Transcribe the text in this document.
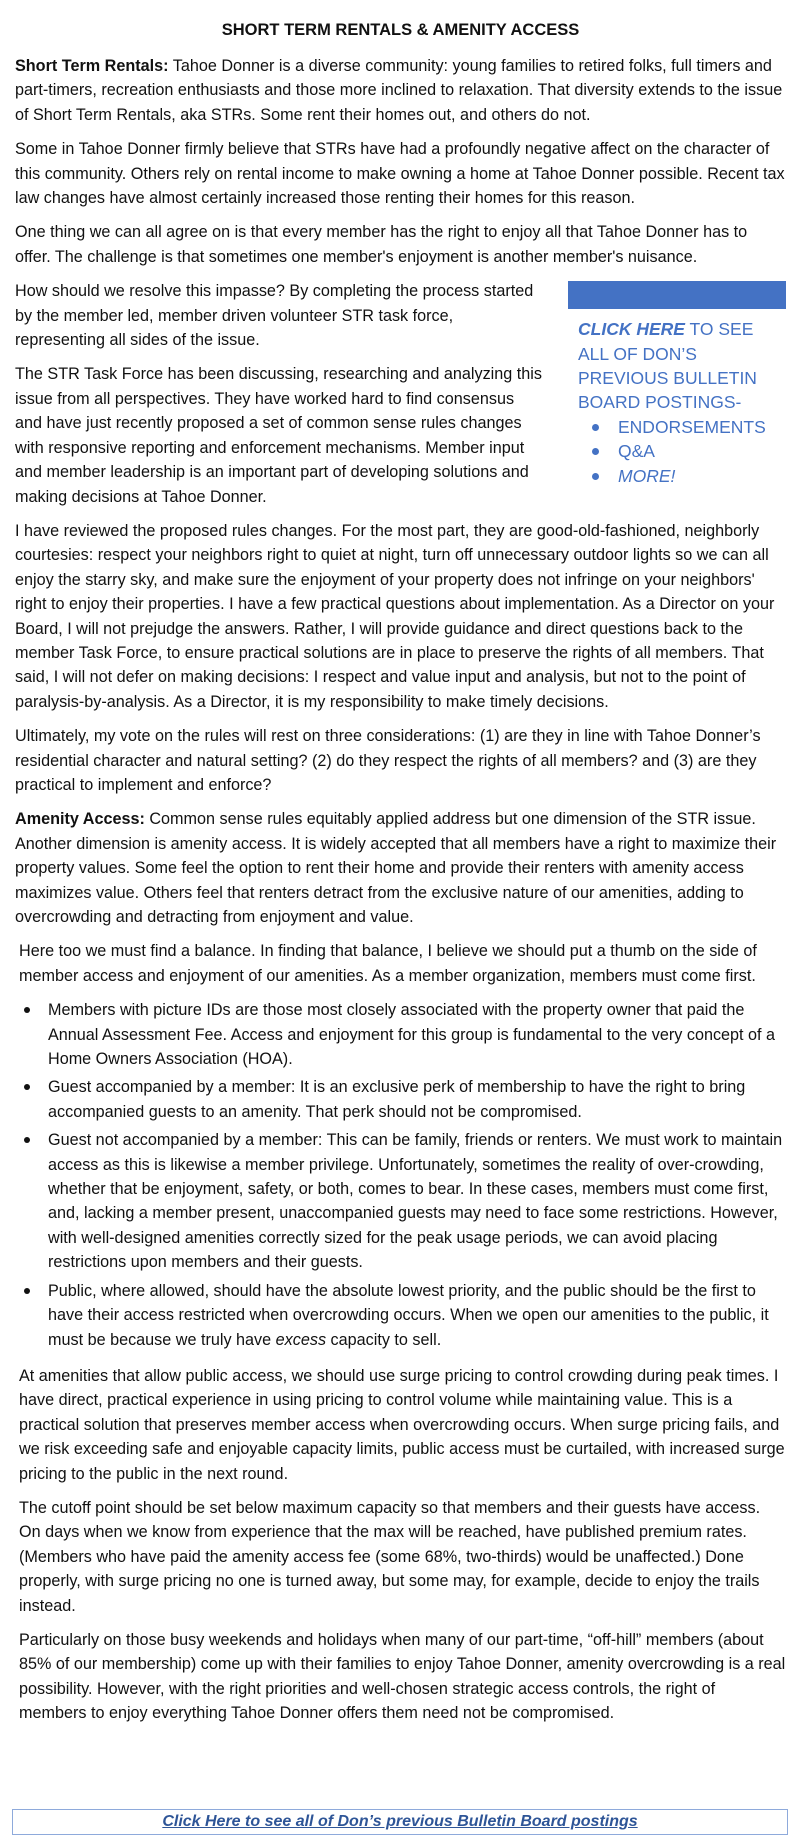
SHORT TERM RENTALS & AMENITY ACCESS

Short Term Rentals: Tahoe Donner is a diverse community: young families to retired folks, full timers and part-timers, recreation enthusiasts and those more inclined to relaxation. That diversity extends to the issue of Short Term Rentals, aka STRs. Some rent their homes out, and others do not.

Some in Tahoe Donner firmly believe that STRs have had a profoundly negative affect on the character of this community. Others rely on rental income to make owning a home at Tahoe Donner possible. Recent tax law changes have almost certainly increased those renting their homes for this reason.

One thing we can all agree on is that every member has the right to enjoy all that Tahoe Donner has to offer. The challenge is that sometimes one member's enjoyment is another member's nuisance.

CLICK HERE TO SEE ALL OF DON’S PREVIOUS BULLETIN BOARD POSTINGS-
ENDORSEMENTS
Q&A
MORE!

How should we resolve this impasse? By completing the process started by the member led, member driven volunteer STR task force, representing all sides of the issue.

The STR Task Force has been discussing, researching and analyzing this issue from all perspectives. They have worked hard to find consensus and have just recently proposed a set of common sense rules changes with responsive reporting and enforcement mechanisms. Member input and member leadership is an important part of developing solutions and making decisions at Tahoe Donner.

I have reviewed the proposed rules changes. For the most part, they are good-old-fashioned, neighborly courtesies: respect your neighbors right to quiet at night, turn off unnecessary outdoor lights so we can all enjoy the starry sky, and make sure the enjoyment of your property does not infringe on your neighbors' right to enjoy their properties. I have a few practical questions about implementation. As a Director on your Board, I will not prejudge the answers. Rather, I will provide guidance and direct questions back to the member Task Force, to ensure practical solutions are in place to preserve the rights of all members. That said, I will not defer on making decisions: I respect and value input and analysis, but not to the point of paralysis-by-analysis. As a Director, it is my responsibility to make timely decisions.

Ultimately, my vote on the rules will rest on three considerations: (1) are they in line with Tahoe Donner’s residential character and natural setting? (2) do they respect the rights of all members? and (3) are they practical to implement and enforce?

Amenity Access: Common sense rules equitably applied address but one dimension of the STR issue. Another dimension is amenity access. It is widely accepted that all members have a right to maximize their property values. Some feel the option to rent their home and provide their renters with amenity access maximizes value. Others feel that renters detract from the exclusive nature of our amenities, adding to overcrowding and detracting from enjoyment and value.

Here too we must find a balance. In finding that balance, I believe we should put a thumb on the side of member access and enjoyment of our amenities. As a member organization, members must come first.

Members with picture IDs are those most closely associated with the property owner that paid the Annual Assessment Fee. Access and enjoyment for this group is fundamental to the very concept of a Home Owners Association (HOA).
Guest accompanied by a member: It is an exclusive perk of membership to have the right to bring accompanied guests to an amenity. That perk should not be compromised.
Guest not accompanied by a member: This can be family, friends or renters. We must work to maintain access as this is likewise a member privilege. Unfortunately, sometimes the reality of over-crowding, whether that be enjoyment, safety, or both, comes to bear. In these cases, members must come first, and, lacking a member present, unaccompanied guests may need to face some restrictions. However, with well-designed amenities correctly sized for the peak usage periods, we can avoid placing restrictions upon members and their guests.
Public, where allowed, should have the absolute lowest priority, and the public should be the first to have their access restricted when overcrowding occurs. When we open our amenities to the public, it must be because we truly have excess capacity to sell.

At amenities that allow public access, we should use surge pricing to control crowding during peak times. I have direct, practical experience in using pricing to control volume while maintaining value. This is a practical solution that preserves member access when overcrowding occurs. When surge pricing fails, and we risk exceeding safe and enjoyable capacity limits, public access must be curtailed, with increased surge pricing to the public in the next round.

The cutoff point should be set below maximum capacity so that members and their guests have access. On days when we know from experience that the max will be reached, have published premium rates. (Members who have paid the amenity access fee (some 68%, two-thirds) would be unaffected.) Done properly, with surge pricing no one is turned away, but some may, for example, decide to enjoy the trails instead.

Particularly on those busy weekends and holidays when many of our part-time, “off-hill” members (about 85% of our membership) come up with their families to enjoy Tahoe Donner, amenity overcrowding is a real possibility. However, with the right priorities and well-chosen strategic access controls, the right of members to enjoy everything Tahoe Donner offers them need not be compromised.

Click Here to see all of Don’s previous Bulletin Board postings
